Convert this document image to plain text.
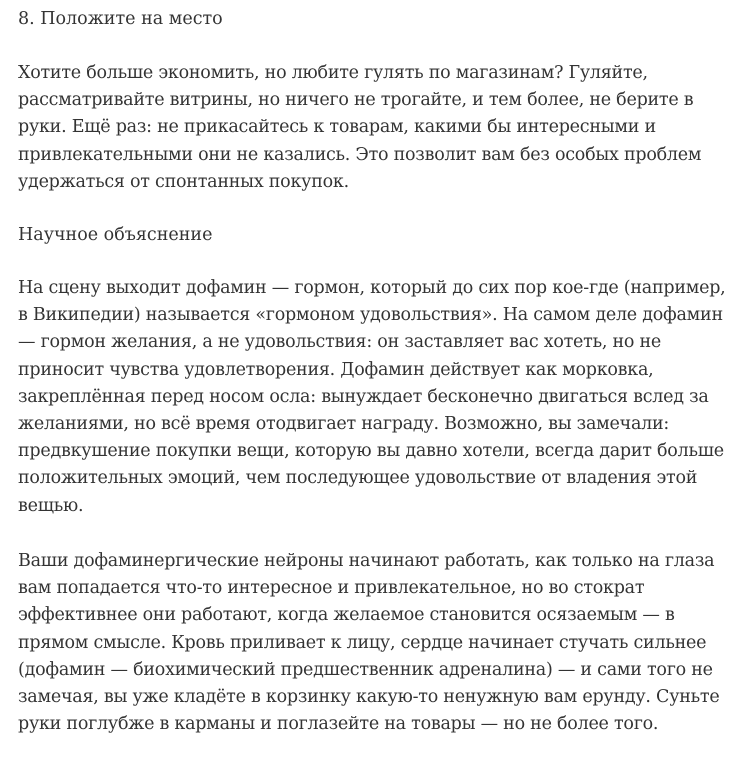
8. Положите на место

Хотите больше экономить, но любите гулять по магазинам? Гуляйте,
рассматривайте витрины, но ничего не трогайте, и тем более, не берите в
руки. Ещё раз: не прикасайтесь к товарам, какими бы интересными и
привлекательными они не казались. Это позволит вам без особых проблем
удержаться от спонтанных покупок.

Научное объяснение

На сцену выходит дофамин — гормон, который до сих пор кое-где (например,
в Википедии) называется «гормоном удовольствия». На самом деле дофамин
— гормон желания, а не удовольствия: он заставляет вас хотеть, но не
приносит чувства удовлетворения. Дофамин действует как морковка,
закреплённая перед носом осла: вынуждает бесконечно двигаться вслед за
желаниями, но всё время отодвигает награду. Возможно, вы замечали:
предвкушение покупки вещи, которую вы давно хотели, всегда дарит больше
положительных эмоций, чем последующее удовольствие от владения этой
вещью.

Ваши дофаминергические нейроны начинают работать, как только на глаза
вам попадается что-то интересное и привлекательное, но во стократ
эффективнее они работают, когда желаемое становится осязаемым — в
прямом смысле. Кровь приливает к лицу, сердце начинает стучать сильнее
(дофамин — биохимический предшественник адреналина) — и сами того не
замечая, вы уже кладёте в корзинку какую-то ненужную вам ерунду. Суньте
руки поглубже в карманы и поглазейте на товары — но не более того.
